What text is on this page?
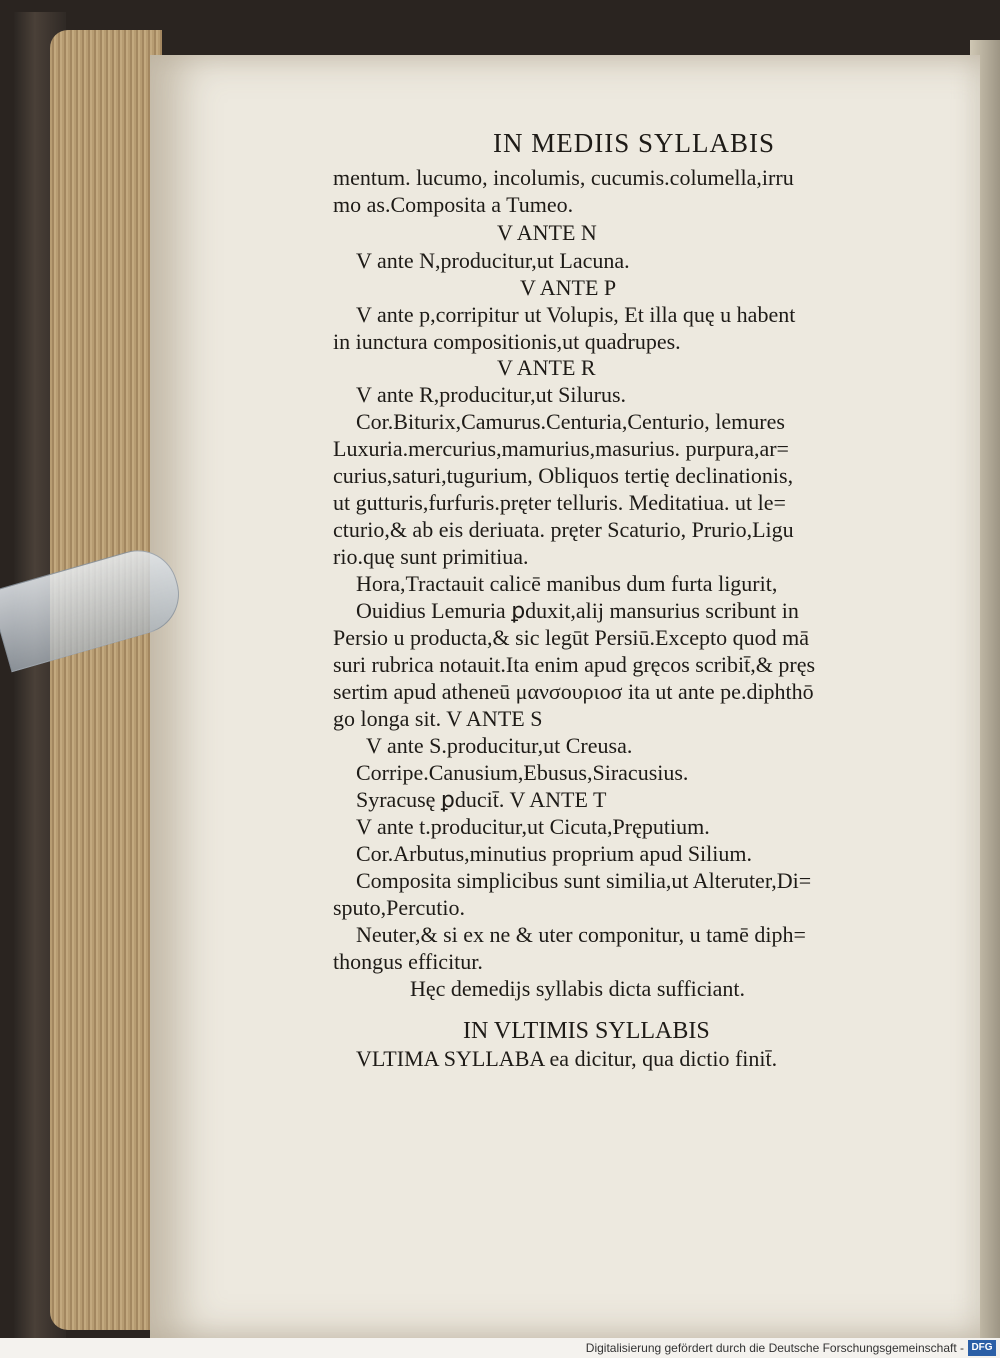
IN MEDIIS SYLLABIS
mentum. lucumo, incolumis, cucumis.columella,irru
mo as.Composita a Tumeo.
V ANTE N
V ante N,producitur,ut Lacuna.
V ANTE P
V ante p,corripitur ut Volupis, Et illa quę u habent
in iunctura compositionis,ut quadrupes.
V ANTE R
V ante R,producitur,ut Silurus.
Cor.Biturix,Camurus.Centuria,Centurio, lemures
Luxuria.mercurius,mamurius,masurius. purpura,ar=
curius,saturi,tugurium, Obliquos tertię declinationis,
ut gutturis,furfuris.pręter telluris. Meditatiua. ut le=
cturio,& ab eis deriuata. pręter Scaturio, Prurio,Ligu
rio.quę sunt primitiua.
Hora,Tractauit calicē manibus dum furta ligurit,
Ouidius Lemuria ꝑduxit,alij mansurius scribunt in
Persio u producta,& sic legūt Persiū.Excepto quod mā
suri rubrica notauit.Ita enim apud gręcos scribit̄,& pręs
sertim apud atheneū μανσουριοσ ita ut ante pe.diphthō
go longa sit. V ANTE S
V ante S.producitur,ut Creusa.
Corripe.Canusium,Ebusus,Siracusius.
Syracusę ꝑducit̄. V ANTE T
V ante t.producitur,ut Cicuta,Pręputium.
Cor.Arbutus,minutius proprium apud Silium.
Composita simplicibus sunt similia,ut Alteruter,Di=
sputo,Percutio.
Neuter,& si ex ne & uter componitur, u tamē diph=
thongus efficitur.
Hęc demedijs syllabis dicta sufficiant.
IN VLTIMIS SYLLABIS
VLTIMA SYLLABA ea dicitur, qua dictio finit̄.
Digitalisierung gefördert durch die Deutsche Forschungsgemeinschaft - DFG
